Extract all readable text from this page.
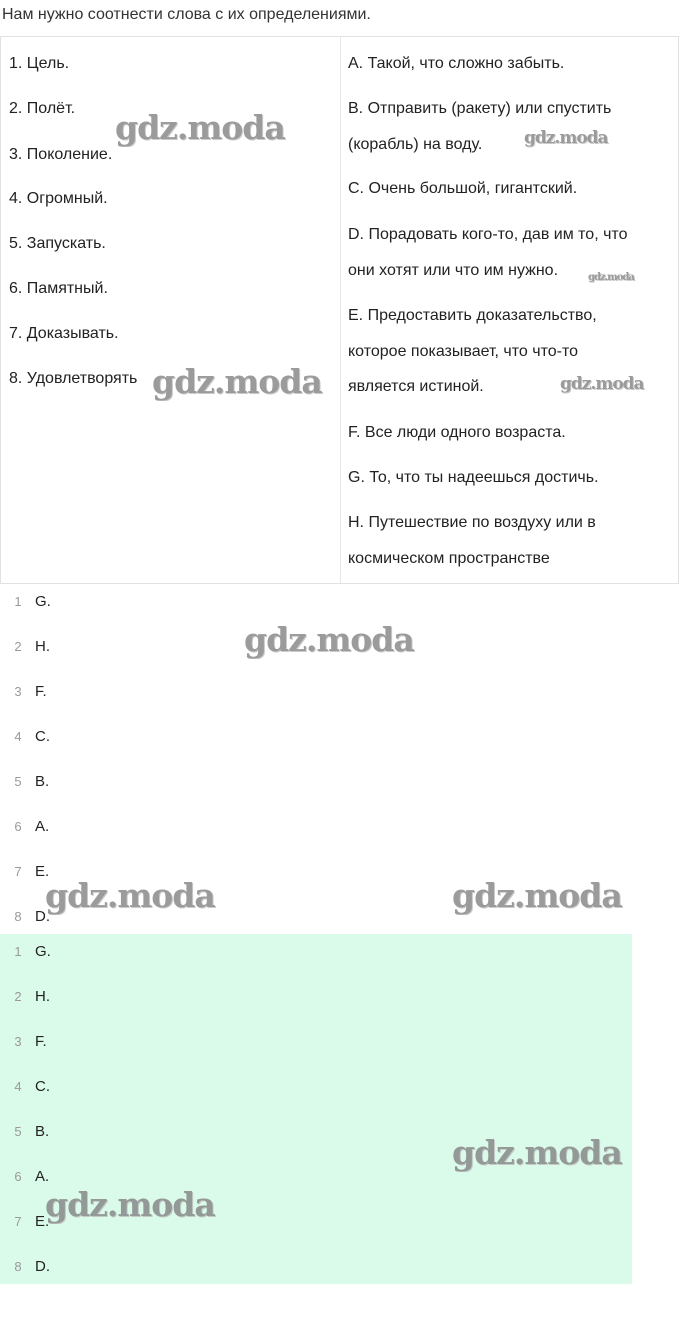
Нам нужно соотнести слова с их определениями.
1. Цель.
2. Полёт.
3. Поколение.
4. Огромный.
5. Запускать.
6. Памятный.
7. Доказывать.
8. Удовлетворять
A. Такой, что сложно забыть.
B. Отправить (ракету) или спустить
(корабль) на воду.
C. Очень большой, гигантский.
D. Порадовать кого-то, дав им то, что
они хотят или что им нужно.
E. Предоставить доказательство,
которое показывает, что что-то
является истиной.
F. Все люди одного возраста.
G. То, что ты надеешься достичь.
H. Путешествие по воздуху или в
космическом пространстве
1 G.
2 H.
3 F.
4 C.
5 B.
6 A.
7 E.
8 D.
1 G.
2 H.
3 F.
4 C.
5 B.
6 A.
7 E.
8 D.
gdz.moda	gdz.moda
gdz.moda
gdz.moda	gdz.moda
gdz.moda
gdz.moda	gdz.moda
gdz.moda
gdz.moda
